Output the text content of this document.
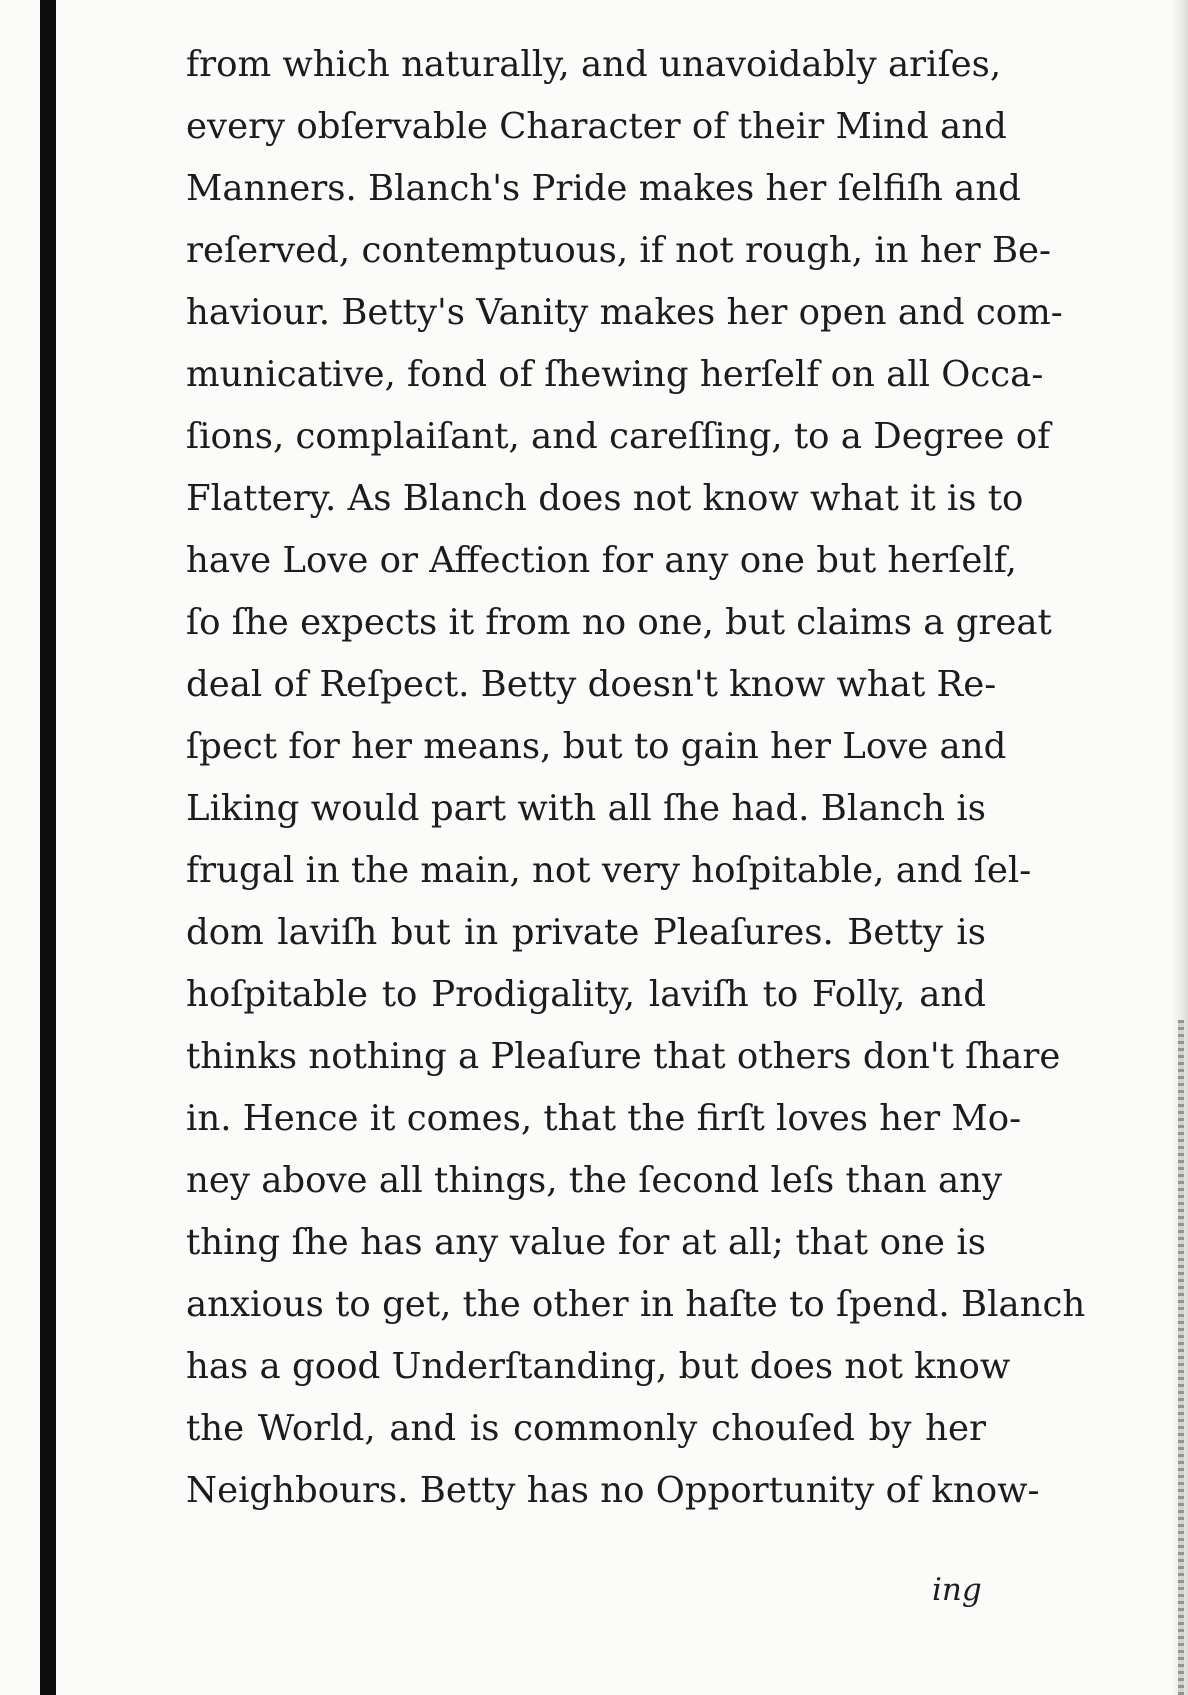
from which naturally, and unavoidably ariſes,
every obſervable Character of their Mind and
Manners. Blanch's Pride makes her ſelfiſh and
reſerved, contemptuous, if not rough, in her Be-
haviour. Betty's Vanity makes her open and com-
municative, fond of ſhewing herſelf on all Occa-
ſions, complaiſant, and careſſing, to a Degree of
Flattery. As Blanch does not know what it is to
have Love or Affection for any one but herſelf,
ſo ſhe expects it from no one, but claims a great
deal of Reſpect. Betty doesn't know what Re-
ſpect for her means, but to gain her Love and
Liking would part with all ſhe had. Blanch is
frugal in the main, not very hoſpitable, and ſel-
dom laviſh but in private Pleaſures. Betty is
hoſpitable to Prodigality, laviſh to Folly, and
thinks nothing a Pleaſure that others don't ſhare
in. Hence it comes, that the firſt loves her Mo-
ney above all things, the ſecond leſs than any
thing ſhe has any value for at all; that one is
anxious to get, the other in haſte to ſpend. Blanch
has a good Underſtanding, but does not know
the World, and is commonly chouſed by her
Neighbours. Betty has no Opportunity of know-
ing
